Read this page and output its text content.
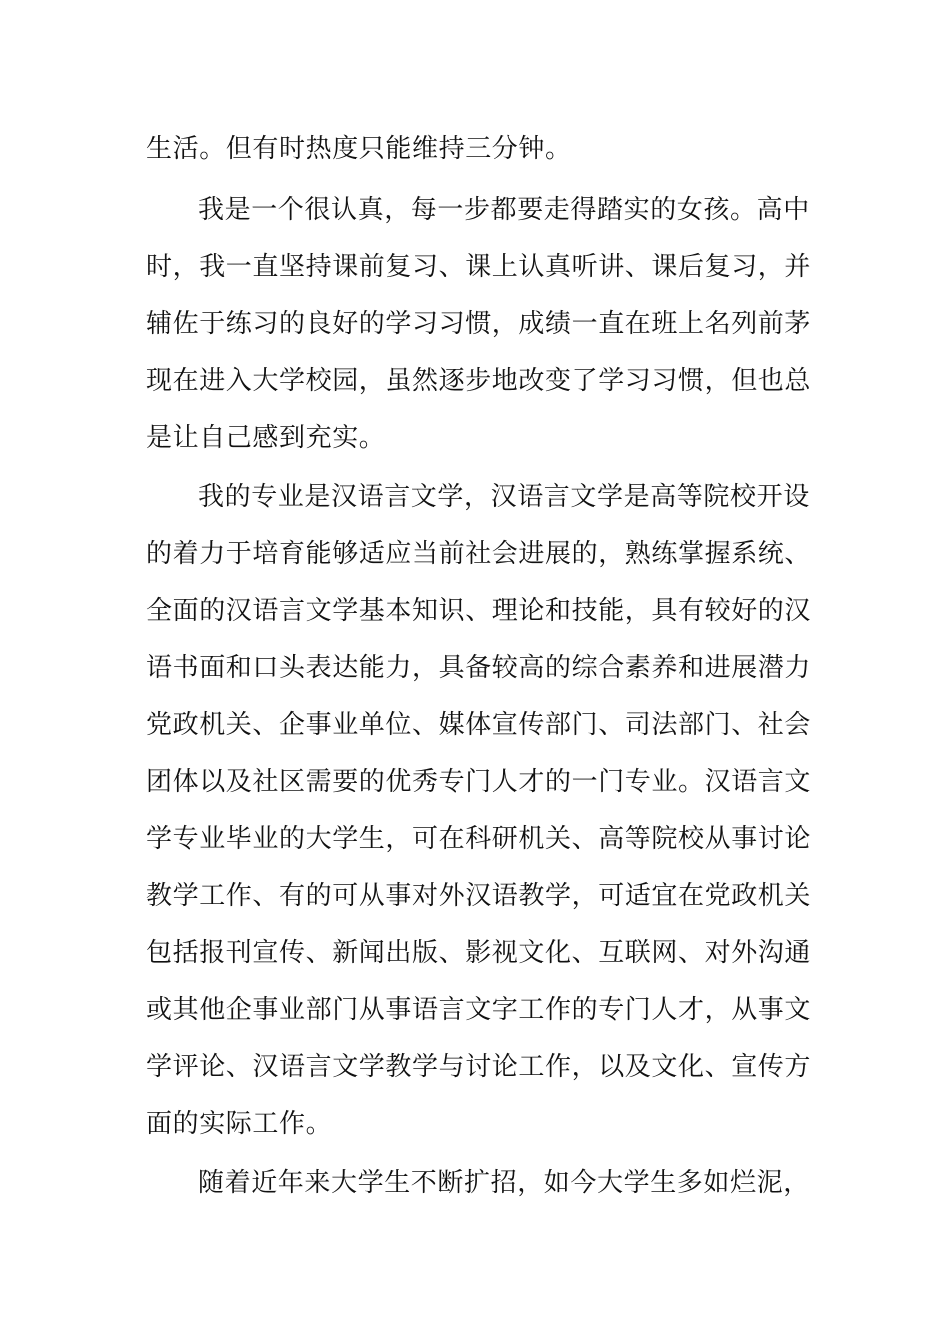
生活。但有时热度只能维持三分钟。
我是一个很认真，每一步都要走得踏实的女孩。高中
时，我一直坚持课前复习、课上认真听讲、课后复习，并
辅佐于练习的良好的学习习惯，成绩一直在班上名列前茅
现在进入大学校园，虽然逐步地改变了学习习惯，但也总
是让自己感到充实。
我的专业是汉语言文学，汉语言文学是高等院校开设
的着力于培育能够适应当前社会进展的，熟练掌握系统、
全面的汉语言文学基本知识、理论和技能，具有较好的汉
语书面和口头表达能力，具备较高的综合素养和进展潜力
党政机关、企事业单位、媒体宣传部门、司法部门、社会
团体以及社区需要的优秀专门人才的一门专业。汉语言文
学专业毕业的大学生，可在科研机关、高等院校从事讨论
教学工作、有的可从事对外汉语教学，可适宜在党政机关
包括报刊宣传、新闻出版、影视文化、互联网、对外沟通
或其他企事业部门从事语言文字工作的专门人才，从事文
学评论、汉语言文学教学与讨论工作，以及文化、宣传方
面的实际工作。
随着近年来大学生不断扩招，如今大学生多如烂泥，
